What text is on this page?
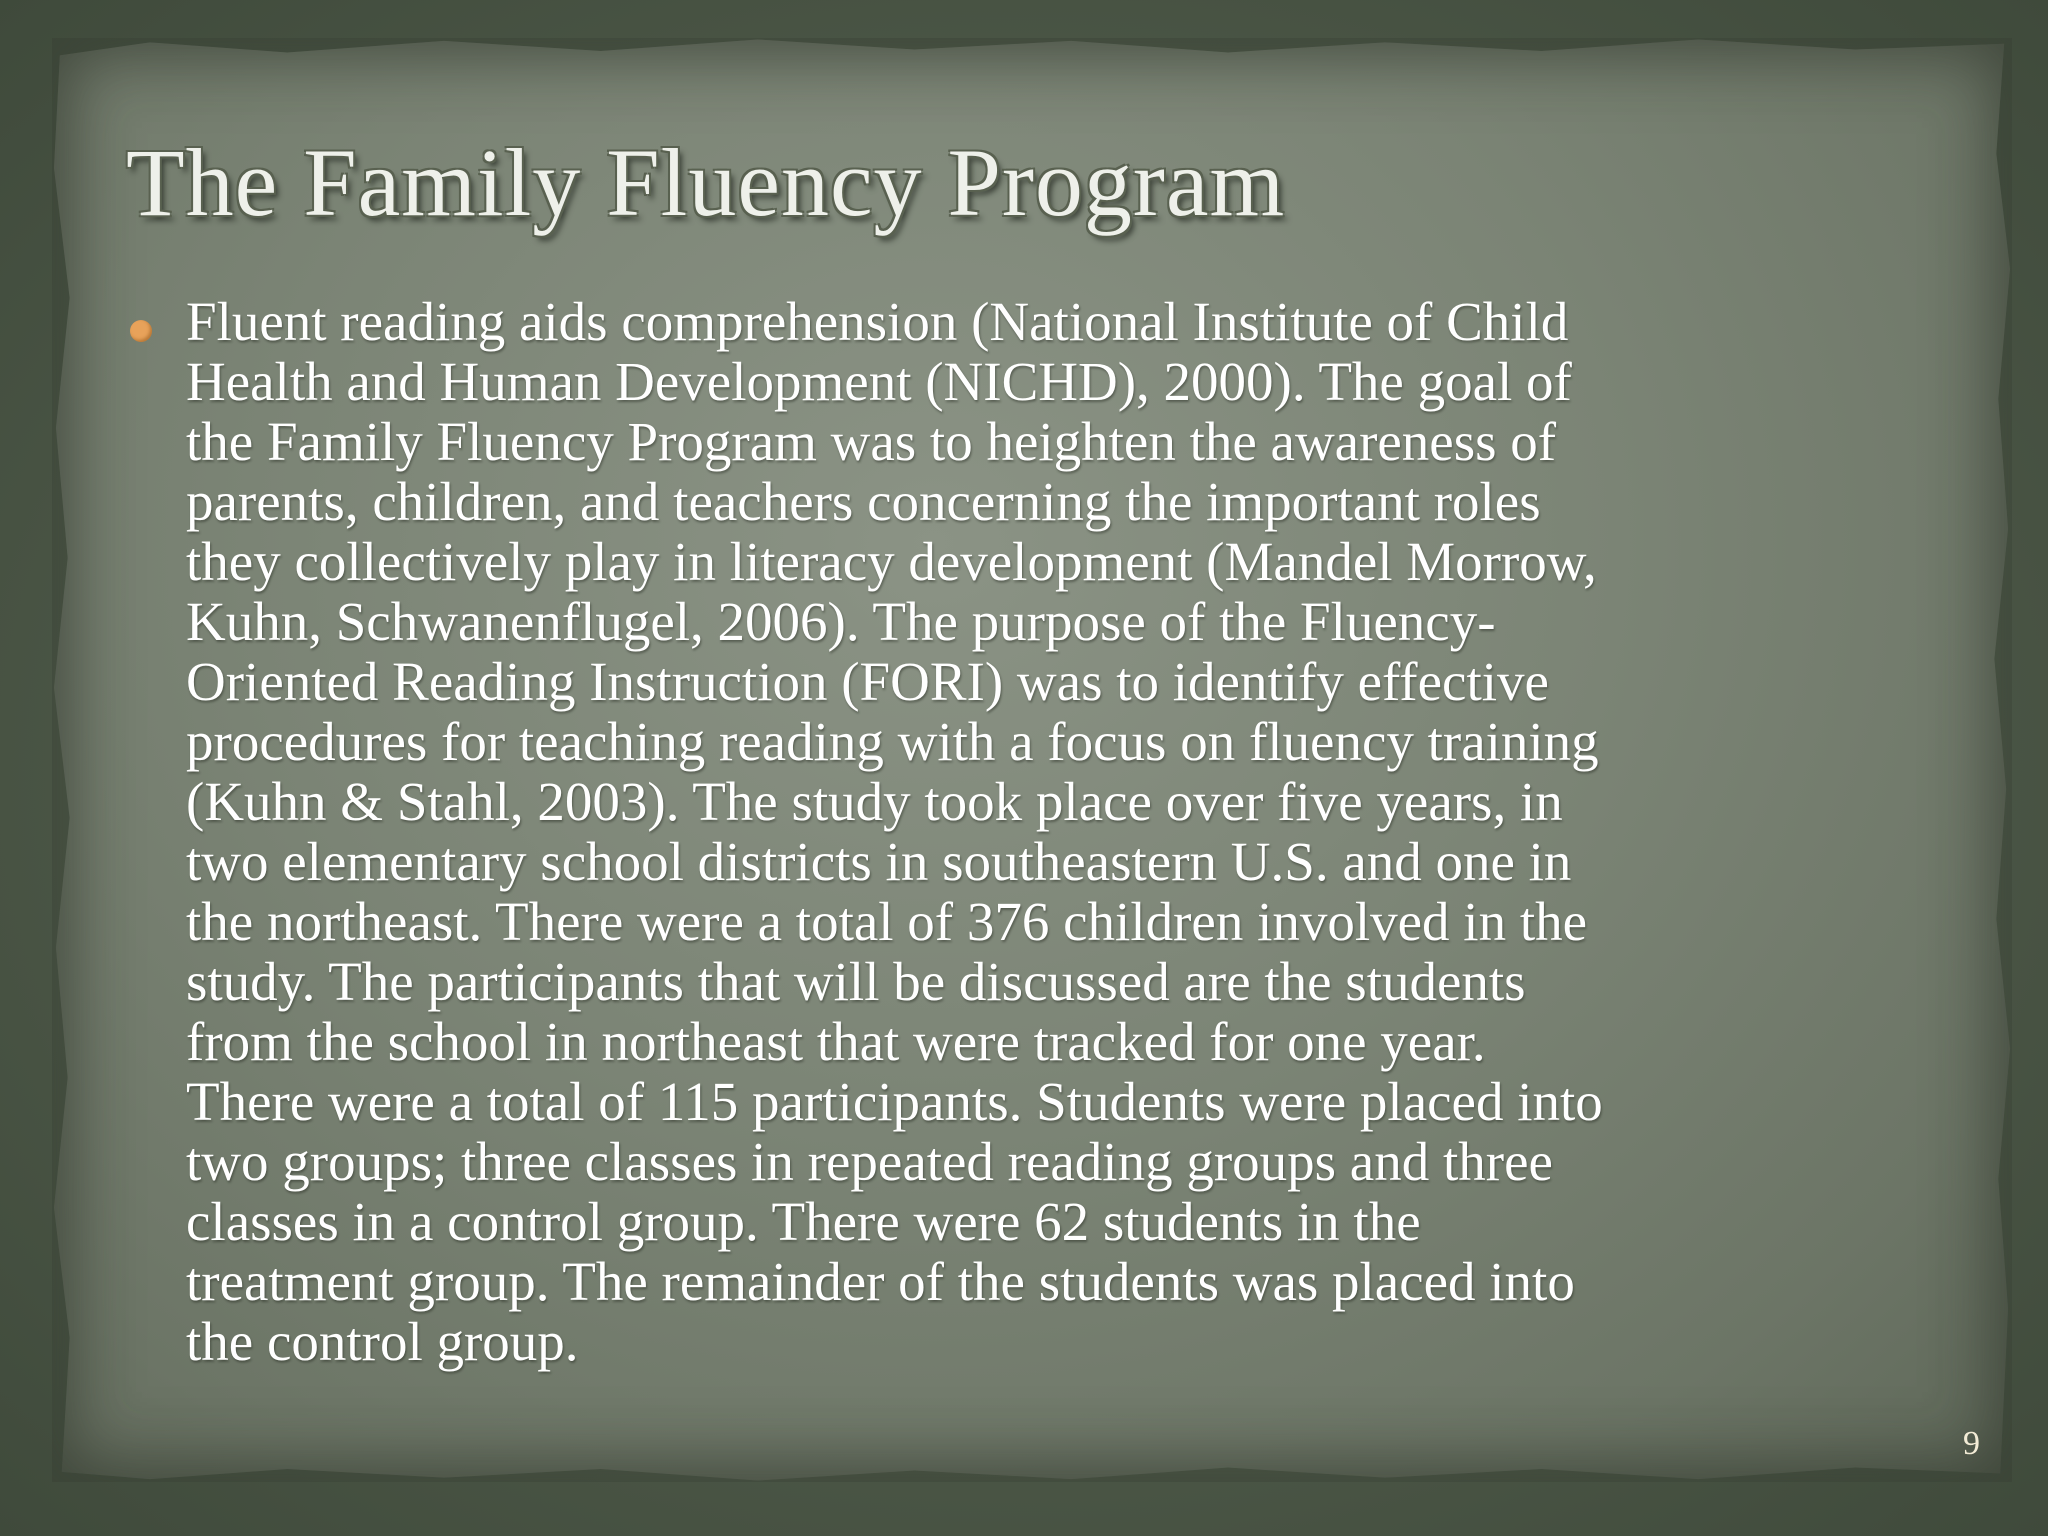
The Family Fluency Program

Fluent reading aids comprehension (National Institute of Child
Health and Human Development (NICHD), 2000). The goal of
the Family Fluency Program was to heighten the awareness of
parents, children, and teachers concerning the important roles
they collectively play in literacy development (Mandel Morrow,
Kuhn, Schwanenflugel, 2006). The purpose of the Fluency-
Oriented Reading Instruction (FORI) was to identify effective
procedures for teaching reading with a focus on fluency training
(Kuhn & Stahl, 2003). The study took place over five years, in
two elementary school districts in southeastern U.S. and one in
the northeast. There were a total of 376 children involved in the
study. The participants that will be discussed are the students
from the school in northeast that were tracked for one year.
There were a total of 115 participants. Students were placed into
two groups; three classes in repeated reading groups and three
classes in a control group. There were 62 students in the
treatment group. The remainder of the students was placed into
the control group.

9
